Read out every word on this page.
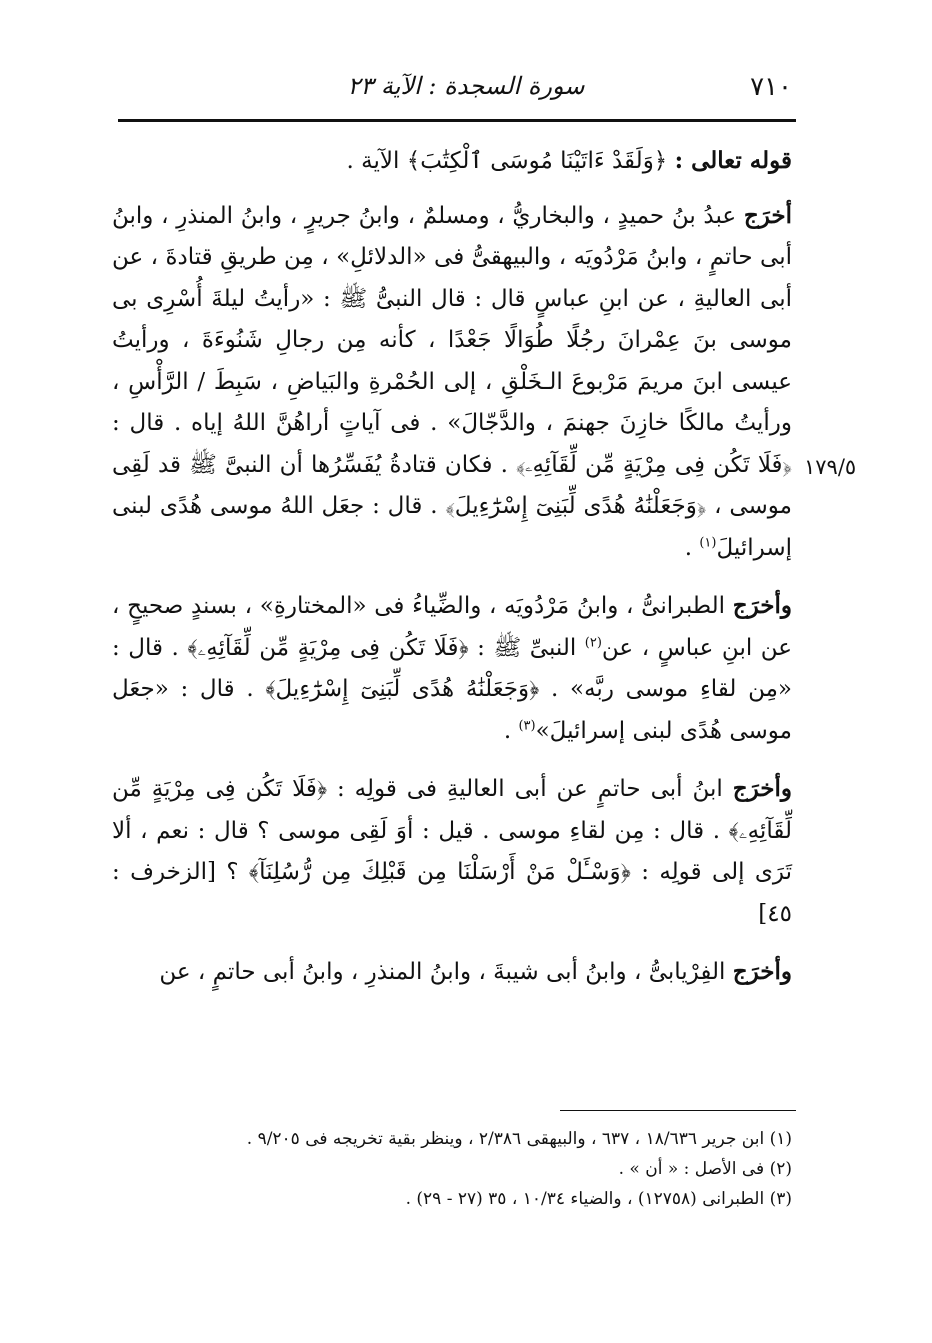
٧١٠
سورة السجدة : الآية ٢٣
١٧٩/٥

قوله تعالى : ﴿وَلَقَدْ ءَاتَيْنَا مُوسَى ٱلْكِتَٰبَ﴾ الآية .

أخرَج عبدُ بنُ حميدٍ ، والبخاريُّ ، ومسلمٌ ، وابنُ جريرٍ ، وابنُ المنذرِ ، وابنُ أبى حاتمٍ ، وابنُ مَرْدُويَه ، والبيهقىُّ فى «الدلائلِ» ، مِن طريقِ قتادةَ ، عن أبى العاليةِ ، عن ابنِ عباسٍ قال : قال النبىُّ ﷺ : «رأيتُ ليلةَ أُسْرِى بى موسى بنَ عِمْرانَ رجُلًا طُوَالًا جَعْدًا ، كأنه مِن رجالِ شَنُوءَةَ ، ورأيتُ عيسى ابنَ مريمَ مَرْبوعَ الـخَلْقِ ، إلى الحُمْرةِ والبَياضِ ، سَبِطَ / الرَّأْسِ ، ورأيتُ مالكًا خازِنَ جهنمَ ، والدَّجّالَ» . فى آياتٍ أراهُنَّ اللهُ إياه . قال : ﴿فَلَا تَكُن فِى مِرْيَةٍ مِّن لِّقَآئِهِۦ﴾ . فكان قتادةُ يُفَسِّرُها أن النبىَّ ﷺ قد لَقِى موسى ، ﴿وَجَعَلْنَٰهُ هُدًى لِّبَنِىٓ إِسْرَٰٓءِيلَ﴾ . قال : جعَل اللهُ موسى هُدًى لبنى إسرائيلَ$^{(١)}$ .

وأخرَج الطبرانىُّ ، وابنُ مَرْدُويَه ، والضِّياءُ فى «المختارةِ» ، بسندٍ صحيحٍ ، عن ابنِ عباسٍ ، عن$^{(٢)}$ النبىِّ ﷺ : ﴿فَلَا تَكُن فِى مِرْيَةٍ مِّن لِّقَآئِهِۦ﴾ . قال : «مِن لقاءِ موسى ربَّه» . ﴿وَجَعَلْنَٰهُ هُدًى لِّبَنِىٓ إِسْرَٰٓءِيلَ﴾ . قال : «جعَل موسى هُدًى لبنى إسرائيلَ»$^{(٣)}$ .

وأخرَج ابنُ أبى حاتمٍ عن أبى العاليةِ فى قولِه : ﴿فَلَا تَكُن فِى مِرْيَةٍ مِّن لِّقَآئِهِۦ﴾ . قال : مِن لقاءِ موسى . قيل : أوَ لَقِى موسى ؟ قال : نعم ، ألا تَرَى إلى قولِه : ﴿وَسْـَٔلْ مَنْ أَرْسَلْنَا مِن قَبْلِكَ مِن رُّسُلِنَآ﴾ ؟ [الزخرف : ٤٥]

وأخرَج الفِرْيابىُّ ، وابنُ أبى شيبةَ ، وابنُ المنذرِ ، وابنُ أبى حاتمٍ ، عن

(١) ابن جرير ١٨/٦٣٦ ، ٦٣٧ ، والبيهقى ٢/٣٨٦ ، وينظر بقية تخريجه فى ٩/٢٠٥ .

(٢) فى الأصل : « أن » .

(٣) الطبرانى (١٢٧٥٨) ، والضياء ١٠/٣٤ ، ٣٥ (٢٧ - ٢٩) .
